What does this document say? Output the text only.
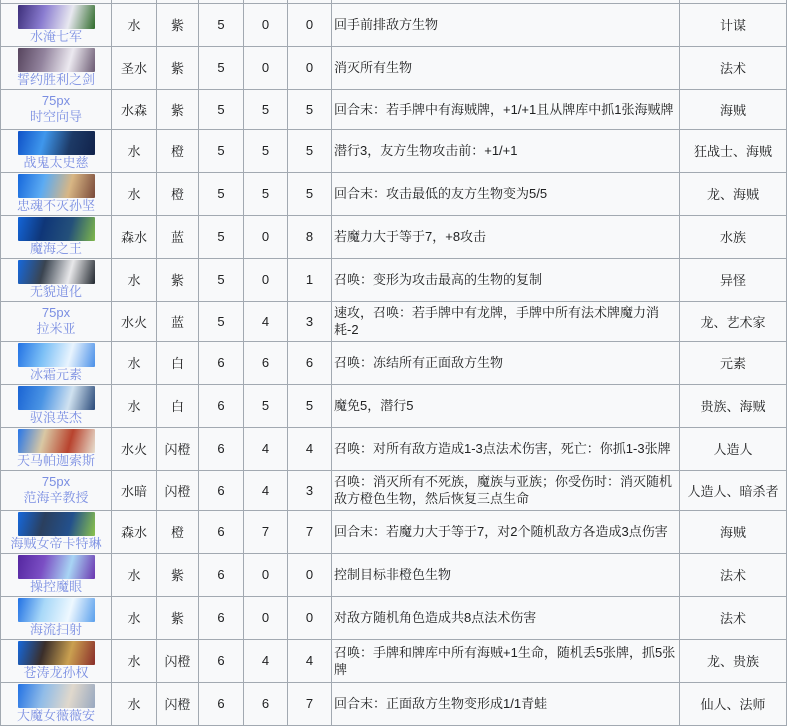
水淹七军	水	紫	5	0	0	回手前排敌方生物	计谋

誓约胜利之剑	圣水	紫	5	0	0	消灭所有生物	法术

75px
时空向导	水森	紫	5	5	5	回合末：若手牌中有海贼牌，+1/+1且从牌库中抓1张海贼牌	海贼

战鬼太史慈	水	橙	5	5	5	潜行3，友方生物攻击前：+1/+1	狂战士、海贼

忠魂不灭孙坚	水	橙	5	5	5	回合末：攻击最低的友方生物变为5/5	龙、海贼

魔海之王	森水	蓝	5	0	8	若魔力大于等于7，+8攻击	水族

无貌道化	水	紫	5	0	1	召唤：变形为攻击最高的生物的复制	异怪

75px
拉米亚	水火	蓝	5	4	3	速攻，召唤：若手牌中有龙牌，手牌中所有法术牌魔力消耗-2	龙、艺术家

冰霜元素	水	白	6	6	6	召唤：冻结所有正面敌方生物	元素

驭浪英杰	水	白	6	5	5	魔免5，潜行5	贵族、海贼

天马帕迦索斯	水火	闪橙	6	4	4	召唤：对所有敌方造成1-3点法术伤害，死亡：你抓1-3张牌	人造人

75px
范海辛教授	水暗	闪橙	6	4	3	召唤：消灭所有不死族，魔族与亚族；你受伤时：消灭随机敌方橙色生物，然后恢复三点生命	人造人、暗杀者

海贼女帝卡特琳	森水	橙	6	7	7	回合末：若魔力大于等于7，对2个随机敌方各造成3点伤害	海贼

操控魔眼	水	紫	6	0	0	控制目标非橙色生物	法术

海流扫射	水	紫	6	0	0	对敌方随机角色造成共8点法术伤害	法术

苍涛龙孙权	水	闪橙	6	4	4	召唤：手牌和牌库中所有海贼+1生命，随机丢5张牌，抓5张牌	龙、贵族

大魔女薇薇安	水	闪橙	6	6	7	回合末：正面敌方生物变形成1/1青蛙	仙人、法师
